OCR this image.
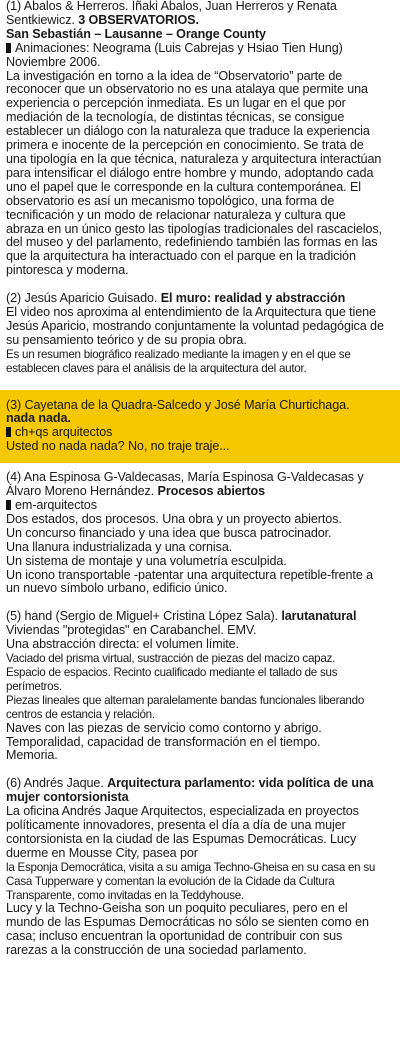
(1) Abalos & Herreros. Iñaki Abalos, Juan Herreros y Renata Sentkiewicz. 3 OBSERVATORIOS.

San Sebastián – Lausanne – Orange County

Animaciones: Neograma (Luis Cabrejas y Hsiao Tien Hung) Noviembre 2006.

La investigación en torno a la idea de “Observatorio” parte de reconocer que un observatorio no es una atalaya que permite una experiencia o percepción inmediata. Es un lugar en el que por mediación de la tecnología, de distintas técnicas, se consigue establecer un diálogo con la naturaleza que traduce la experiencia primera e inocente de la percepción en conocimiento. Se trata de una tipología en la que técnica, naturaleza y arquitectura interactúan para intensificar el diálogo entre hombre y mundo, adoptando cada uno el papel que le corresponde en la cultura contemporánea. El observatorio es así un mecanismo topológico, una forma de tecnificación y un modo de relacionar naturaleza y cultura que abraza en un único gesto las tipologías tradicionales del rascacielos, del museo y del parlamento, redefiniendo también las formas en las que la arquitectura ha interactuado con el parque en la tradición pintoresca y moderna.

(2) Jesús Aparicio Guisado. El muro: realidad y abstracción

El video nos aproxima al entendimiento de la Arquitectura que tiene Jesús Aparicio, mostrando conjuntamente la voluntad pedagógica de su pensamiento teórico y de su propia obra.

Es un resumen biográfico realizado mediante la imagen y en el que se establecen claves para el análisis de la arquitectura del autor.

(3) Cayetana de la Quadra-Salcedo y José María Churtichaga.
nada nada.

ch+qs arquitectos

Usted no nada nada? No, no traje traje...

(4) Ana Espinosa G-Valdecasas, María Espinosa G-Valdecasas y Álvaro Moreno Hernández. Procesos abiertos

em-arquitectos

Dos estados, dos procesos. Una obra y un proyecto abiertos.

Un concurso financiado y una idea que busca patrocinador.

Una llanura industrializada y una cornisa.

Un sistema de montaje y una volumetría esculpida.

Un icono transportable -patentar una arquitectura repetible-frente a un nuevo símbolo urbano, edificio único.

(5) hand (Sergio de Miguel+ Cristina López Sala). larutanatural

Viviendas "protegidas" en Carabanchel. EMV.

Una abstracción directa: el volumen límite.

Vaciado del prisma virtual, sustracción de piezas del macizo capaz.

Espacio de espacios. Recinto cualificado mediante el tallado de sus perímetros.

Piezas lineales que alternan paralelamente bandas funcionales liberando centros de estancia y relación.

Naves con las piezas de servicio como contorno y abrigo.

Temporalidad, capacidad de transformación en el tiempo.

Memoria.

(6) Andrés Jaque. Arquitectura parlamento: vida política de una mujer contorsionista

La oficina Andrés Jaque Arquitectos, especializada en proyectos políticamente innovadores, presenta el día a día de una mujer contorsionista en la ciudad de las Espumas Democráticas. Lucy duerme en Mousse City, pasea por

la Esponja Democrática, visita a su amiga Techno-Gheisa en su casa en su Casa Tupperware y comentan la evolución de la Cidade da Cultura Transparente, como invitadas en la Teddyhouse.

Lucy y la Techno-Geisha son un poquito peculiares, pero en el mundo de las Espumas Democráticas no sólo se sienten como en casa; incluso encuentran la oportunidad de contribuir con sus rarezas a la construcción de una sociedad parlamento.
